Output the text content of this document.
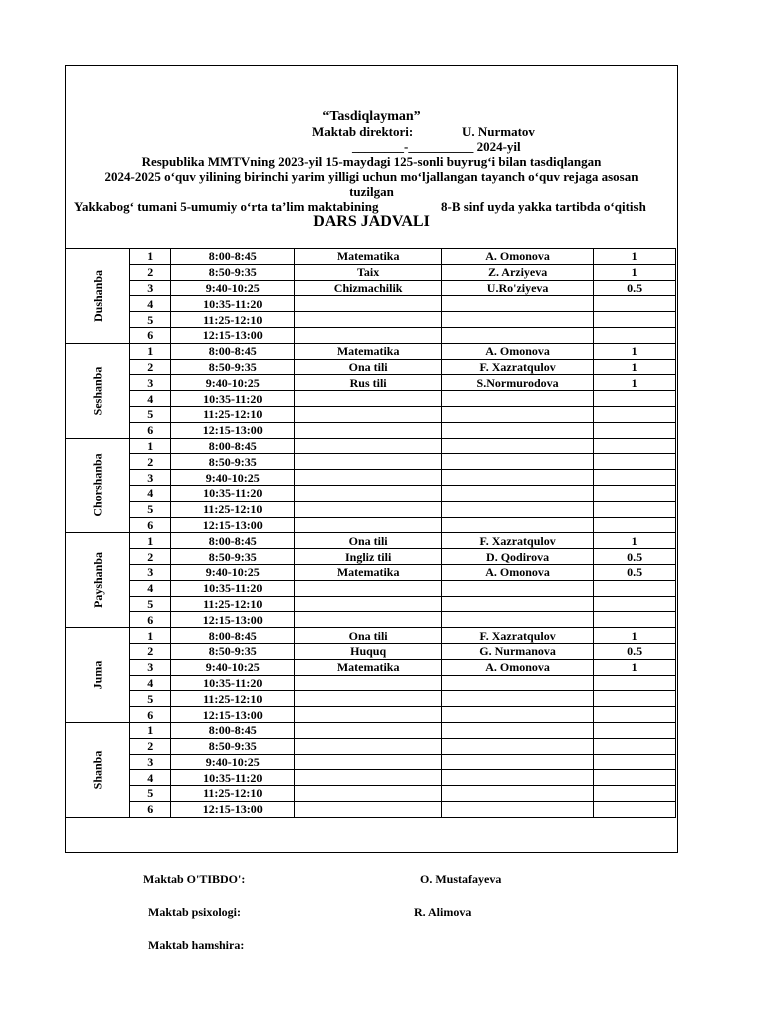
“Tasdiqlayman”
Maktab direktori:	U. Nurmatov
________-__________ 2024-yil
Respublika MMTVning 2023-yil 15-maydagi 125-sonli buyrug‘i bilan tasdiqlangan
2024-2025 o‘quv yilining birinchi yarim yilligi uchun mo‘ljallangan tayanch o‘quv rejaga asosan
tuzilgan
Yakkabog‘ tumani 5-umumiy o‘rta ta’lim maktabining	8-B sinf uyda yakka tartibda o‘qitish
DARS JADVALI
Dushanba	1	8:00-8:45	Matematika	A. Omonova	1
	2	8:50-9:35	Taix	Z. Arziyeva	1
	3	9:40-10:25	Chizmachilik	U.Ro'ziyeva	0.5
	4	10:35-11:20			
	5	11:25-12:10			
	6	12:15-13:00			
Seshanba	1	8:00-8:45	Matematika	A. Omonova	1
	2	8:50-9:35	Ona tili	F. Xazratqulov	1
	3	9:40-10:25	Rus tili	S.Normurodova	1
	4	10:35-11:20			
	5	11:25-12:10			
	6	12:15-13:00			
Chorshanba	1	8:00-8:45			
	2	8:50-9:35			
	3	9:40-10:25			
	4	10:35-11:20			
	5	11:25-12:10			
	6	12:15-13:00			
Payshanba	1	8:00-8:45	Ona tili	F. Xazratqulov	1
	2	8:50-9:35	Ingliz tili	D. Qodirova	0.5
	3	9:40-10:25	Matematika	A. Omonova	0.5
	4	10:35-11:20			
	5	11:25-12:10			
	6	12:15-13:00			
Juma	1	8:00-8:45	Ona tili	F. Xazratqulov	1
	2	8:50-9:35	Huquq	G. Nurmanova	0.5
	3	9:40-10:25	Matematika	A. Omonova	1
	4	10:35-11:20			
	5	11:25-12:10			
	6	12:15-13:00			
Shanba	1	8:00-8:45			
	2	8:50-9:35			
	3	9:40-10:25			
	4	10:35-11:20			
	5	11:25-12:10			
	6	12:15-13:00			
Maktab O'TIBDO':	O. Mustafayeva
Maktab psixologi:	R. Alimova
Maktab hamshira:
